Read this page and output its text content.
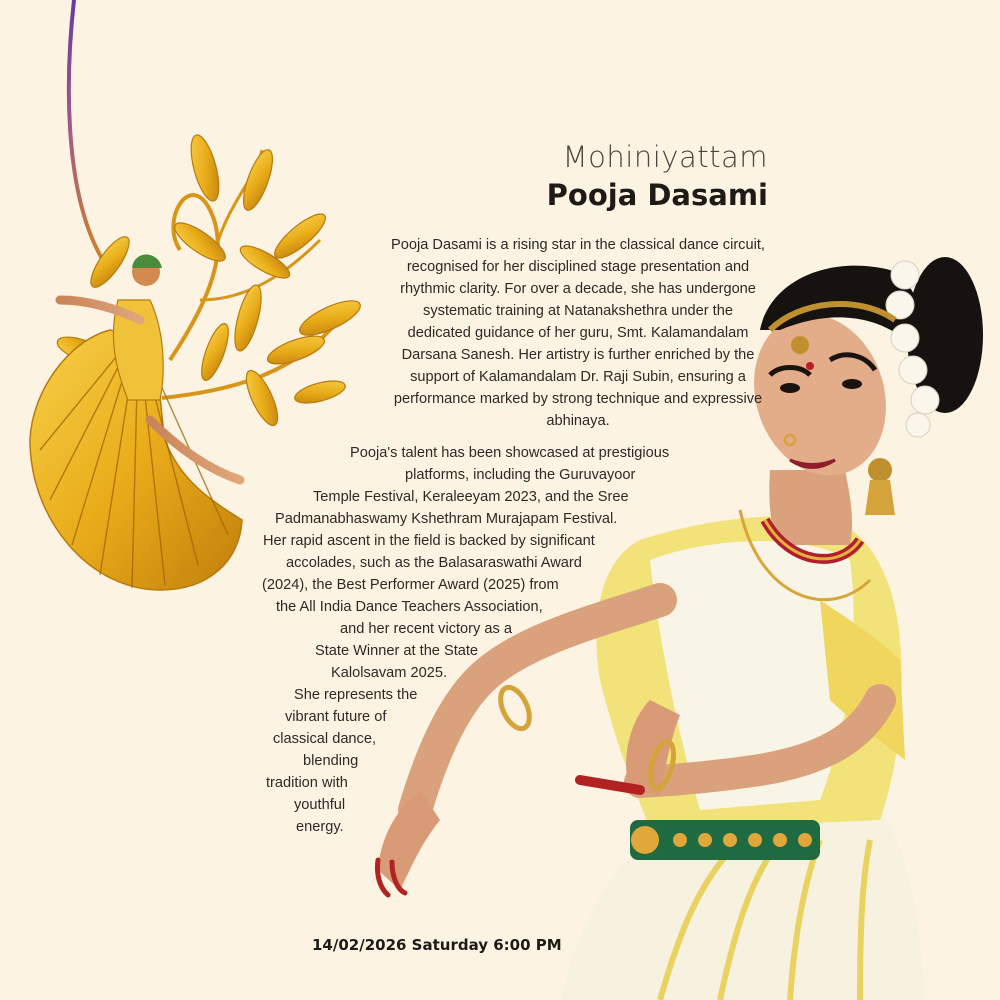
Mohiniyattam
Pooja Dasami
Pooja Dasami is a rising star in the classical dance circuit, recognised for her disciplined stage presentation and rhythmic clarity. For over a decade, she has undergone systematic training at Natanakshethra under the dedicated guidance of her guru, Smt. Kalamandalam Darsana Sanesh. Her artistry is further enriched by the support of Kalamandalam Dr. Raji Subin, ensuring a performance marked by strong technique and expressive abhinaya.
Pooja's talent has been showcased at prestigious
platforms, including the Guruvayoor
Temple Festival, Keraleeyam 2023, and the Sree
Padmanabhaswamy Kshethram Murajapam Festival.
Her rapid ascent in the field is backed by significant
accolades, such as the Balasaraswathi Award
(2024), the Best Performer Award (2025) from
the All India Dance Teachers Association,
and her recent victory as a
State Winner at the State
Kalolsavam 2025.
She represents the
vibrant future of
classical dance,
blending
tradition with
youthful
energy.
14/02/2026 Saturday 6:00 PM
